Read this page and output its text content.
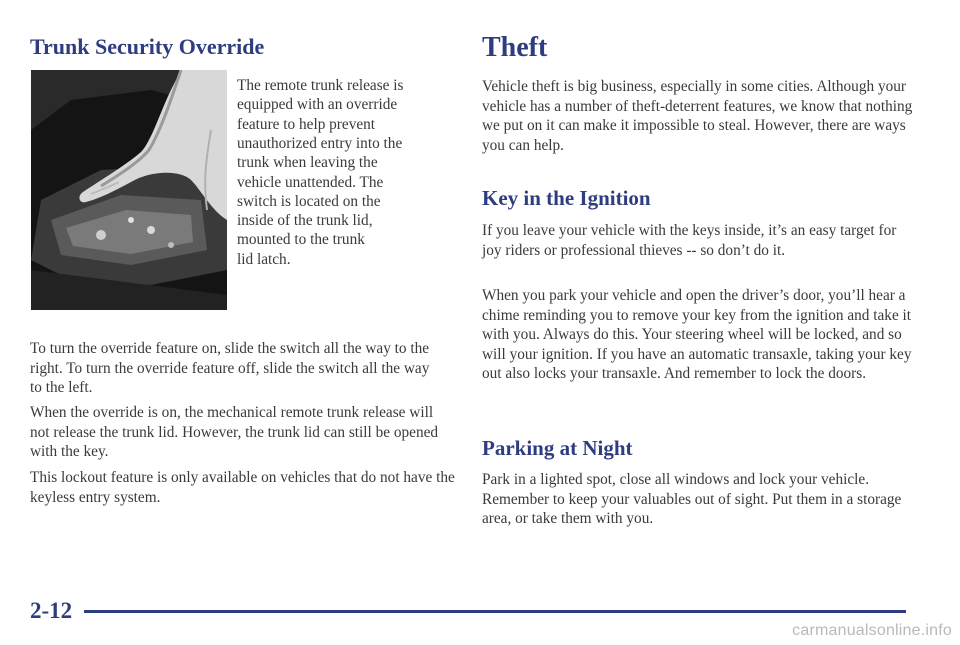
Trunk Security Override

The remote trunk release is

equipped with an override

feature to help prevent

unauthorized entry into the

trunk when leaving the

vehicle unattended. The

switch is located on the

inside of the trunk lid,

mounted to the trunk

lid latch.

To turn the override feature on, slide the switch all the way to the right. To turn the override feature off, slide the switch all the way to the left.

When the override is on, the mechanical remote trunk release will not release the trunk lid. However, the trunk lid can still be opened with the key.

This lockout feature is only available on vehicles that do not have the keyless entry system.

Theft

Vehicle theft is big business, especially in some cities. Although your vehicle has a number of theft-deterrent features, we know that nothing we put on it can make it impossible to steal. However, there are ways you can help.

Key in the Ignition

If you leave your vehicle with the keys inside, it’s an easy target for joy riders or professional thieves -- so don’t do it.

When you park your vehicle and open the driver’s door, you’ll hear a chime reminding you to remove your key from the ignition and take it with you. Always do this. Your steering wheel will be locked, and so will your ignition. If you have an automatic transaxle, taking your key out also locks your transaxle. And remember to lock the doors.

Parking at Night

Park in a lighted spot, close all windows and lock your vehicle. Remember to keep your valuables out of sight. Put them in a storage area, or take them with you.

2-12

carmanualsonline.info
